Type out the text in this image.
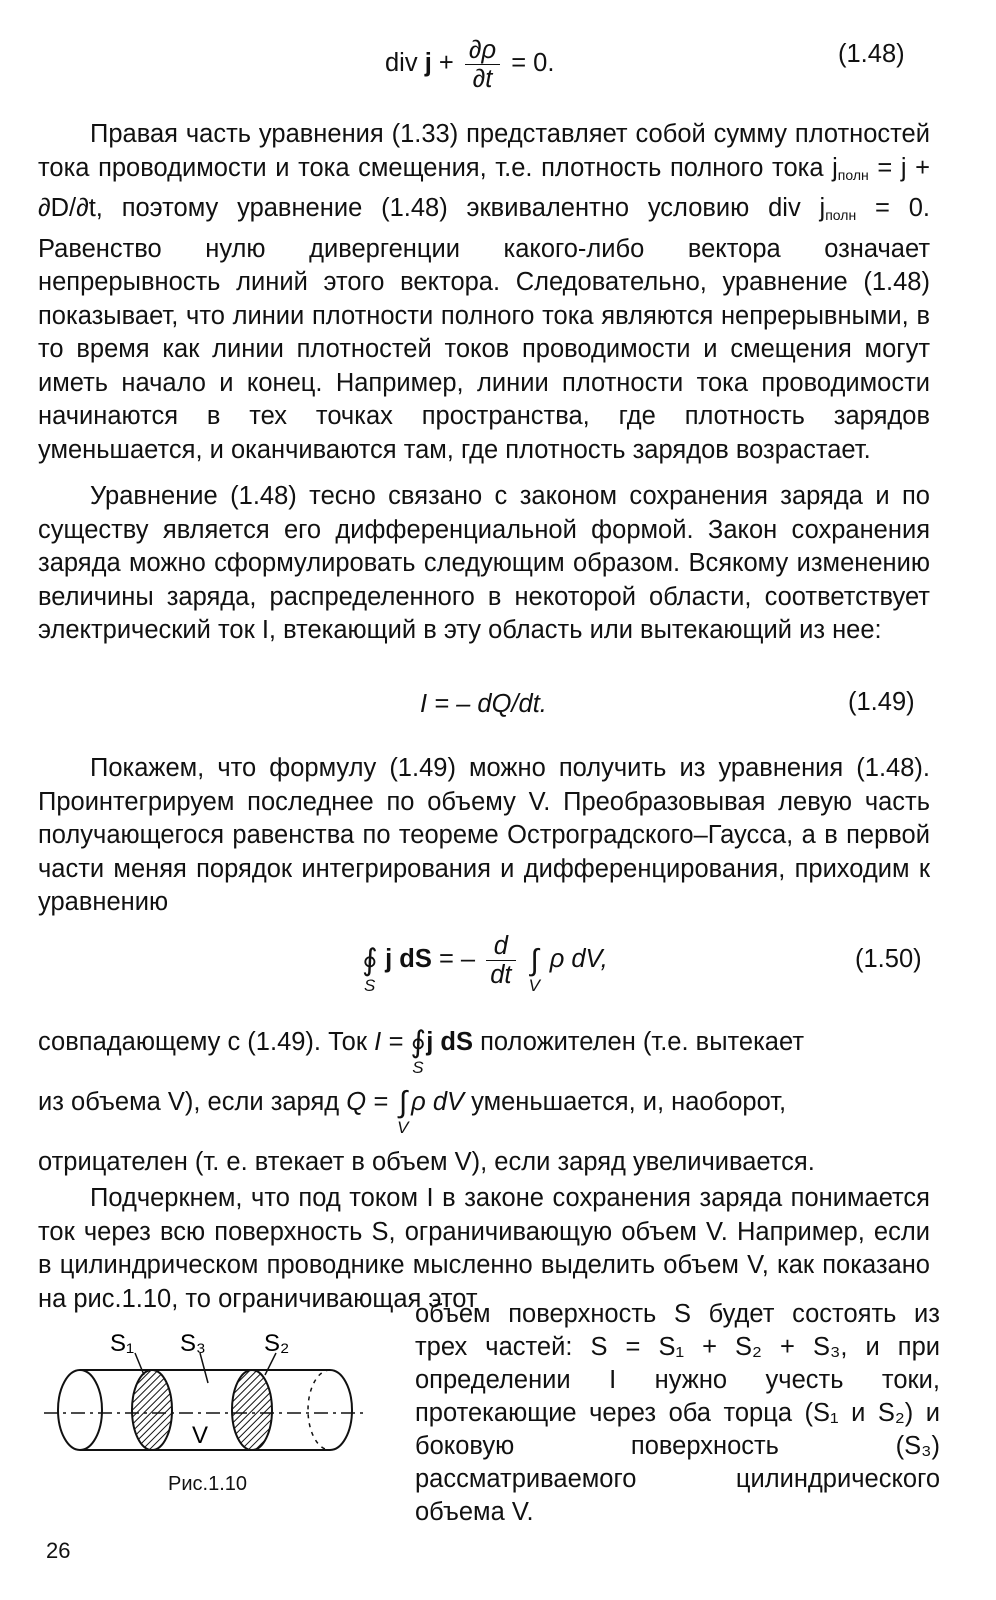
div $j + \frac{\partial\rho}{\partial t} = 0$.	(1.48)

Правая часть уравнения (1.33) представляет собой сумму плотностей тока проводимости и тока смещения, т.е. плотность полного тока $j_{полн} = j + \partial D/\partial t$, поэтому уравнение (1.48) эквивалентно условию div $j_{полн} = 0$. Равенство нулю дивергенции какого-либо вектора означает непрерывность линий этого вектора. Следовательно, уравнение (1.48) показывает, что линии плотности полного тока являются непрерывными, в то время как линии плотностей токов проводимости и смещения могут иметь начало и конец. Например, линии плотности тока проводимости начинаются в тех точках пространства, где плотность зарядов уменьшается, и оканчиваются там, где плотность зарядов возрастает.

Уравнение (1.48) тесно связано с законом сохранения заряда и по существу является его дифференциальной формой. Закон сохранения заряда можно сформулировать следующим образом. Всякому изменению величины заряда, распределенного в некоторой области, соответствует электрический ток I, втекающий в эту область или вытекающий из нее:

I = – dQ/dt.	(1.49)

Покажем, что формулу (1.49) можно получить из уравнения (1.48). Проинтегрируем последнее по объему V. Преобразовывая левую часть получающегося равенства по теореме Остроградского–Гаусса, а в первой части меняя порядок интегрирования и дифференцирования, приходим к уравнению

∮
S
j dS = – $\frac{d}{dt}$
∫
V
ρ dV,	(1.50)
совпадающему с (1.49). Ток I = ∮
S
j dS положителен (т.е. вытекает
из объема V), если заряд Q = ∫
V
ρ dV уменьшается, и, наоборот,
отрицателен (т. е. втекает в объем V), если заряд увеличивается.

Подчеркнем, что под током I в законе сохранения заряда понимается ток через всю поверхность S, ограничивающую объем V. Например, если в цилиндрическом проводнике мысленно выделить объем V, как показано на рис.1.10, то ограничивающая этот

объем поверхность S будет состоять из трех частей: S = S₁ + S₂ + S₃, и при определении I нужно учесть токи, протекающие через оба торца (S₁ и S₂) и боковую поверхность (S₃) рассматриваемого цилиндрического объема V.

S₁ S₃ S₂
V
Рис.1.10
26
